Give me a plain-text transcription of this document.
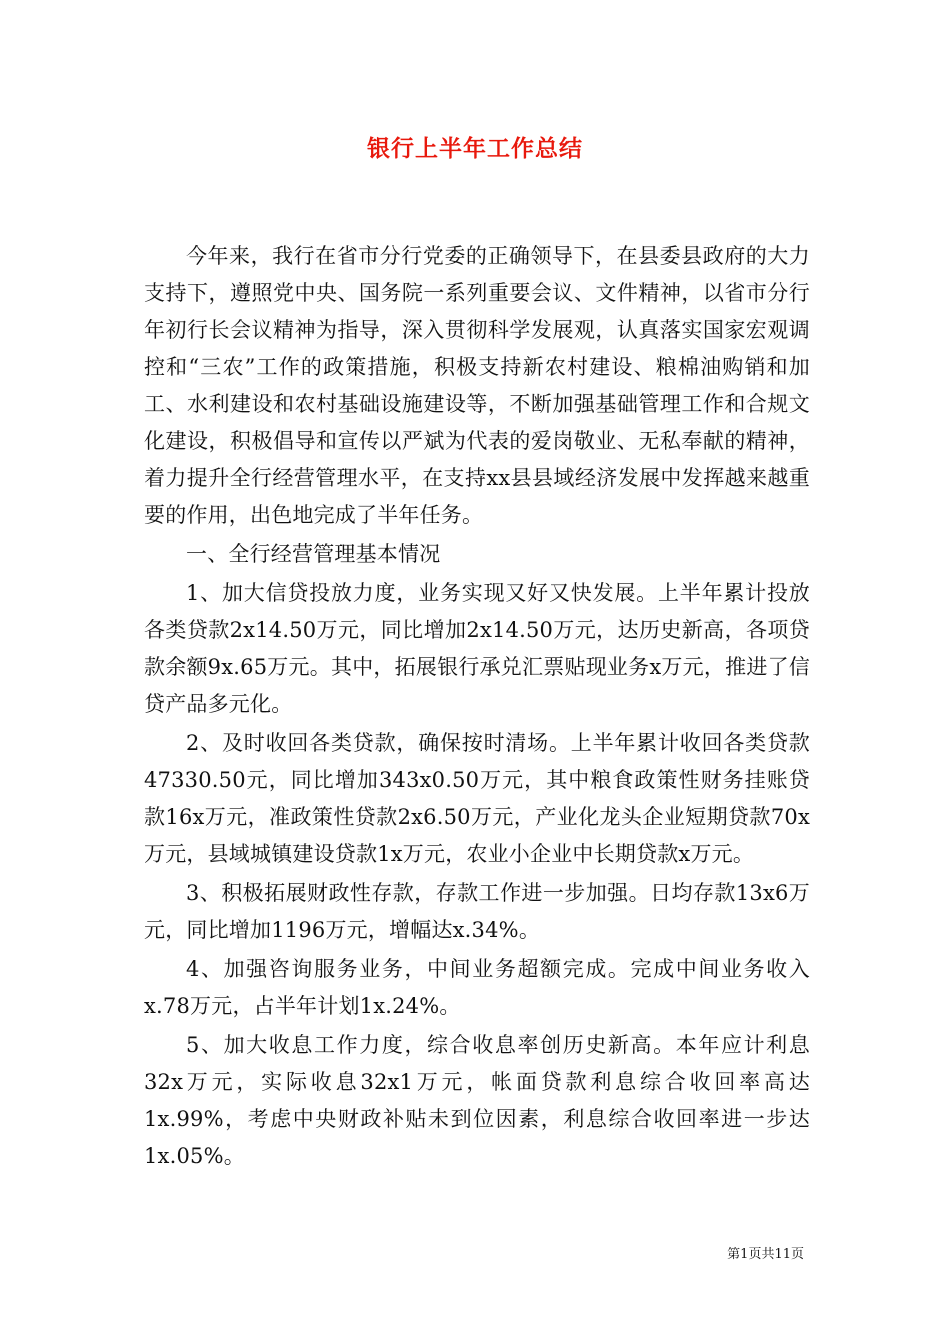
银行上半年工作总结

今年来，我行在省市分行党委的正确领导下，在县委县政府的大力支持下，遵照党中央、国务院一系列重要会议、文件精神，以省市分行年初行长会议精神为指导，深入贯彻科学发展观，认真落实国家宏观调控和“三农”工作的政策措施，积极支持新农村建设、粮棉油购销和加工、水利建设和农村基础设施建设等，不断加强基础管理工作和合规文化建设，积极倡导和宣传以严斌为代表的爱岗敬业、无私奉献的精神，着力提升全行经营管理水平，在支持xx县县域经济发展中发挥越来越重要的作用，出色地完成了半年任务。

一、全行经营管理基本情况

1、加大信贷投放力度，业务实现又好又快发展。上半年累计投放各类贷款2x14.50万元，同比增加2x14.50万元，达历史新高，各项贷款余额9x.65万元。其中，拓展银行承兑汇票贴现业务x万元，推进了信贷产品多元化。

2、及时收回各类贷款，确保按时清场。上半年累计收回各类贷款47330.50元，同比增加343x0.50万元，其中粮食政策性财务挂账贷款16x万元，准政策性贷款2x6.50万元，产业化龙头企业短期贷款70x万元，县域城镇建设贷款1x万元，农业小企业中长期贷款x万元。

3、积极拓展财政性存款，存款工作进一步加强。日均存款13x6万元，同比增加1196万元，增幅达x.34%。

4、加强咨询服务业务，中间业务超额完成。完成中间业务收入x.78万元，占半年计划1x.24%。

5、加大收息工作力度，综合收息率创历史新高。本年应计利息32x万元，实际收息32x1万元，帐面贷款利息综合收回率高达1x.99%，考虑中央财政补贴未到位因素，利息综合收回率进一步达1x.05%。

第1页共11页
